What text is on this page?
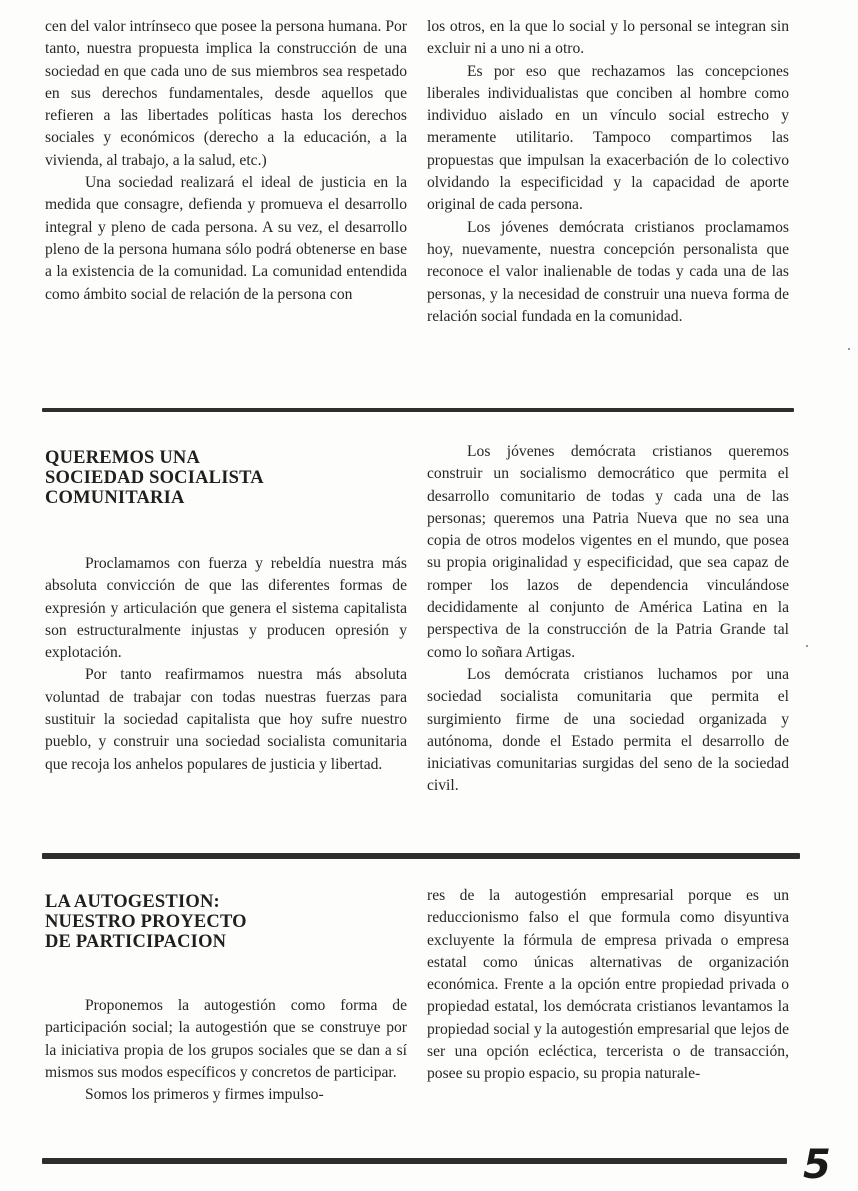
cen del valor intrínseco que posee la persona humana. Por tanto, nuestra propuesta implica la construcción de una sociedad en que cada uno de sus miembros sea respetado en sus derechos fundamentales, desde aquellos que refieren a las libertades políticas hasta los derechos sociales y económicos (derecho a la educación, a la vivienda, al trabajo, a la salud, etc.)

Una sociedad realizará el ideal de justicia en la medida que consagre, defienda y promueva el desarrollo integral y pleno de cada persona. A su vez, el desarrollo pleno de la persona humana sólo podrá obtenerse en base a la existencia de la comunidad. La comunidad entendida como ámbito social de relación de la persona con

los otros, en la que lo social y lo personal se integran sin excluir ni a uno ni a otro.

Es por eso que rechazamos las concepciones liberales individualistas que conciben al hombre como individuo aislado en un vínculo social estrecho y meramente utilitario. Tampoco compartimos las propuestas que impulsan la exacerbación de lo colectivo olvidando la especificidad y la capacidad de aporte original de cada persona.

Los jóvenes demócrata cristianos proclamamos hoy, nuevamente, nuestra concepción personalista que reconoce el valor inalienable de todas y cada una de las personas, y la necesidad de construir una nueva forma de relación social fundada en la comunidad.

QUEREMOS UNA
SOCIEDAD SOCIALISTA
COMUNITARIA

Proclamamos con fuerza y rebeldía nuestra más absoluta convicción de que las diferentes formas de expresión y articulación que genera el sistema capitalista son estructuralmente injustas y producen opresión y explotación.

Por tanto reafirmamos nuestra más absoluta voluntad de trabajar con todas nuestras fuerzas para sustituir la sociedad capitalista que hoy sufre nuestro pueblo, y construir una sociedad socialista comunitaria que recoja los anhelos populares de justicia y libertad.

Los jóvenes demócrata cristianos queremos construir un socialismo democrático que permita el desarrollo comunitario de todas y cada una de las personas; queremos una Patria Nueva que no sea una copia de otros modelos vigentes en el mundo, que posea su propia originalidad y especificidad, que sea capaz de romper los lazos de dependencia vinculándose decididamente al conjunto de América Latina en la perspectiva de la construcción de la Patria Grande tal como lo soñara Artigas.

Los demócrata cristianos luchamos por una sociedad socialista comunitaria que permita el surgimiento firme de una sociedad organizada y autónoma, donde el Estado permita el desarrollo de iniciativas comunitarias surgidas del seno de la sociedad civil.

LA AUTOGESTION:
NUESTRO PROYECTO
DE PARTICIPACION

Proponemos la autogestión como forma de participación social; la autogestión que se construye por la iniciativa propia de los grupos sociales que se dan a sí mismos sus modos específicos y concretos de participar.

Somos los primeros y firmes impulso-

res de la autogestión empresarial porque es un reduccionismo falso el que formula como disyuntiva excluyente la fórmula de empresa privada o empresa estatal como únicas alternativas de organización económica. Frente a la opción entre propiedad privada o propiedad estatal, los demócrata cristianos levantamos la propiedad social y la autogestión empresarial que lejos de ser una opción ecléctica, tercerista o de transacción, posee su propio espacio, su propia naturale-

5
